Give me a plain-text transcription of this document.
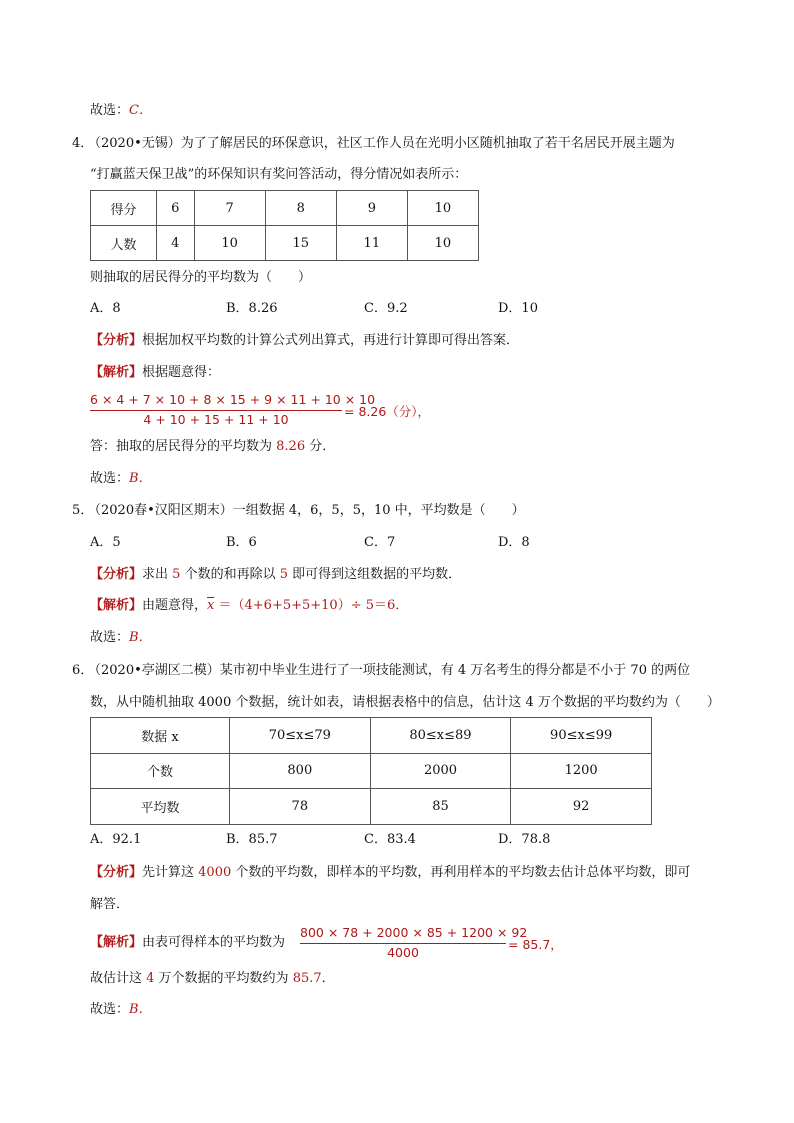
故选：C．
4．
（2020•无锡）为了了解居民的环保意识，社区工作人员在光明小区随机抽取了若干名居民开展主题为
“打赢蓝天保卫战”的环保知识有奖问答活动，得分情况如表所示：
得分	6	7	8	9	10
人数	4	10	15	11	10
则抽取的居民得分的平均数为（　　）
A．8	B．8.26	C．9.2	D．10
【分析】根据加权平均数的计算公式列出算式，再进行计算即可得出答案．
【解析】根据题意得：
6 × 4 + 7 × 10 + 8 × 15 + 9 × 11 + 10 × 10
4 + 10 + 15 + 11 + 10
= 8.26（分），
答：抽取的居民得分的平均数为 8.26 分．
故选：B．
5．
（2020春•汉阳区期末）一组数据 4，6，5，5，10 中，平均数是（　　）
A．5	B．6	C．7	D．8
【分析】求出 5 个数的和再除以 5 即可得到这组数据的平均数．
【解析】由题意得，$\overline{x} =(4+6+5+5+10)\div 5=6$．
故选：B．
6．
（2020•亭湖区二模）某市初中毕业生进行了一项技能测试，有 4 万名考生的得分都是不小于 70 的两位
数，从中随机抽取 4000 个数据，统计如表，请根据表格中的信息，估计这 4 万个数据的平均数约为（　　）
数据 x	70≤x≤79	80≤x≤89	90≤x≤99
个数	800	2000	1200
平均数	78	85	92
A．92.1	B．85.7	C．83.4	D．78.8
【分析】先计算这 4000 个数的平均数，即样本的平均数，再利用样本的平均数去估计总体平均数，即可
解答．
【解析】由表可得样本的平均数为
800 × 78 + 2000 × 85 + 1200 × 92
4000
= 85.7，
故估计这 4 万个数据的平均数约为 85.7．
故选：B．
